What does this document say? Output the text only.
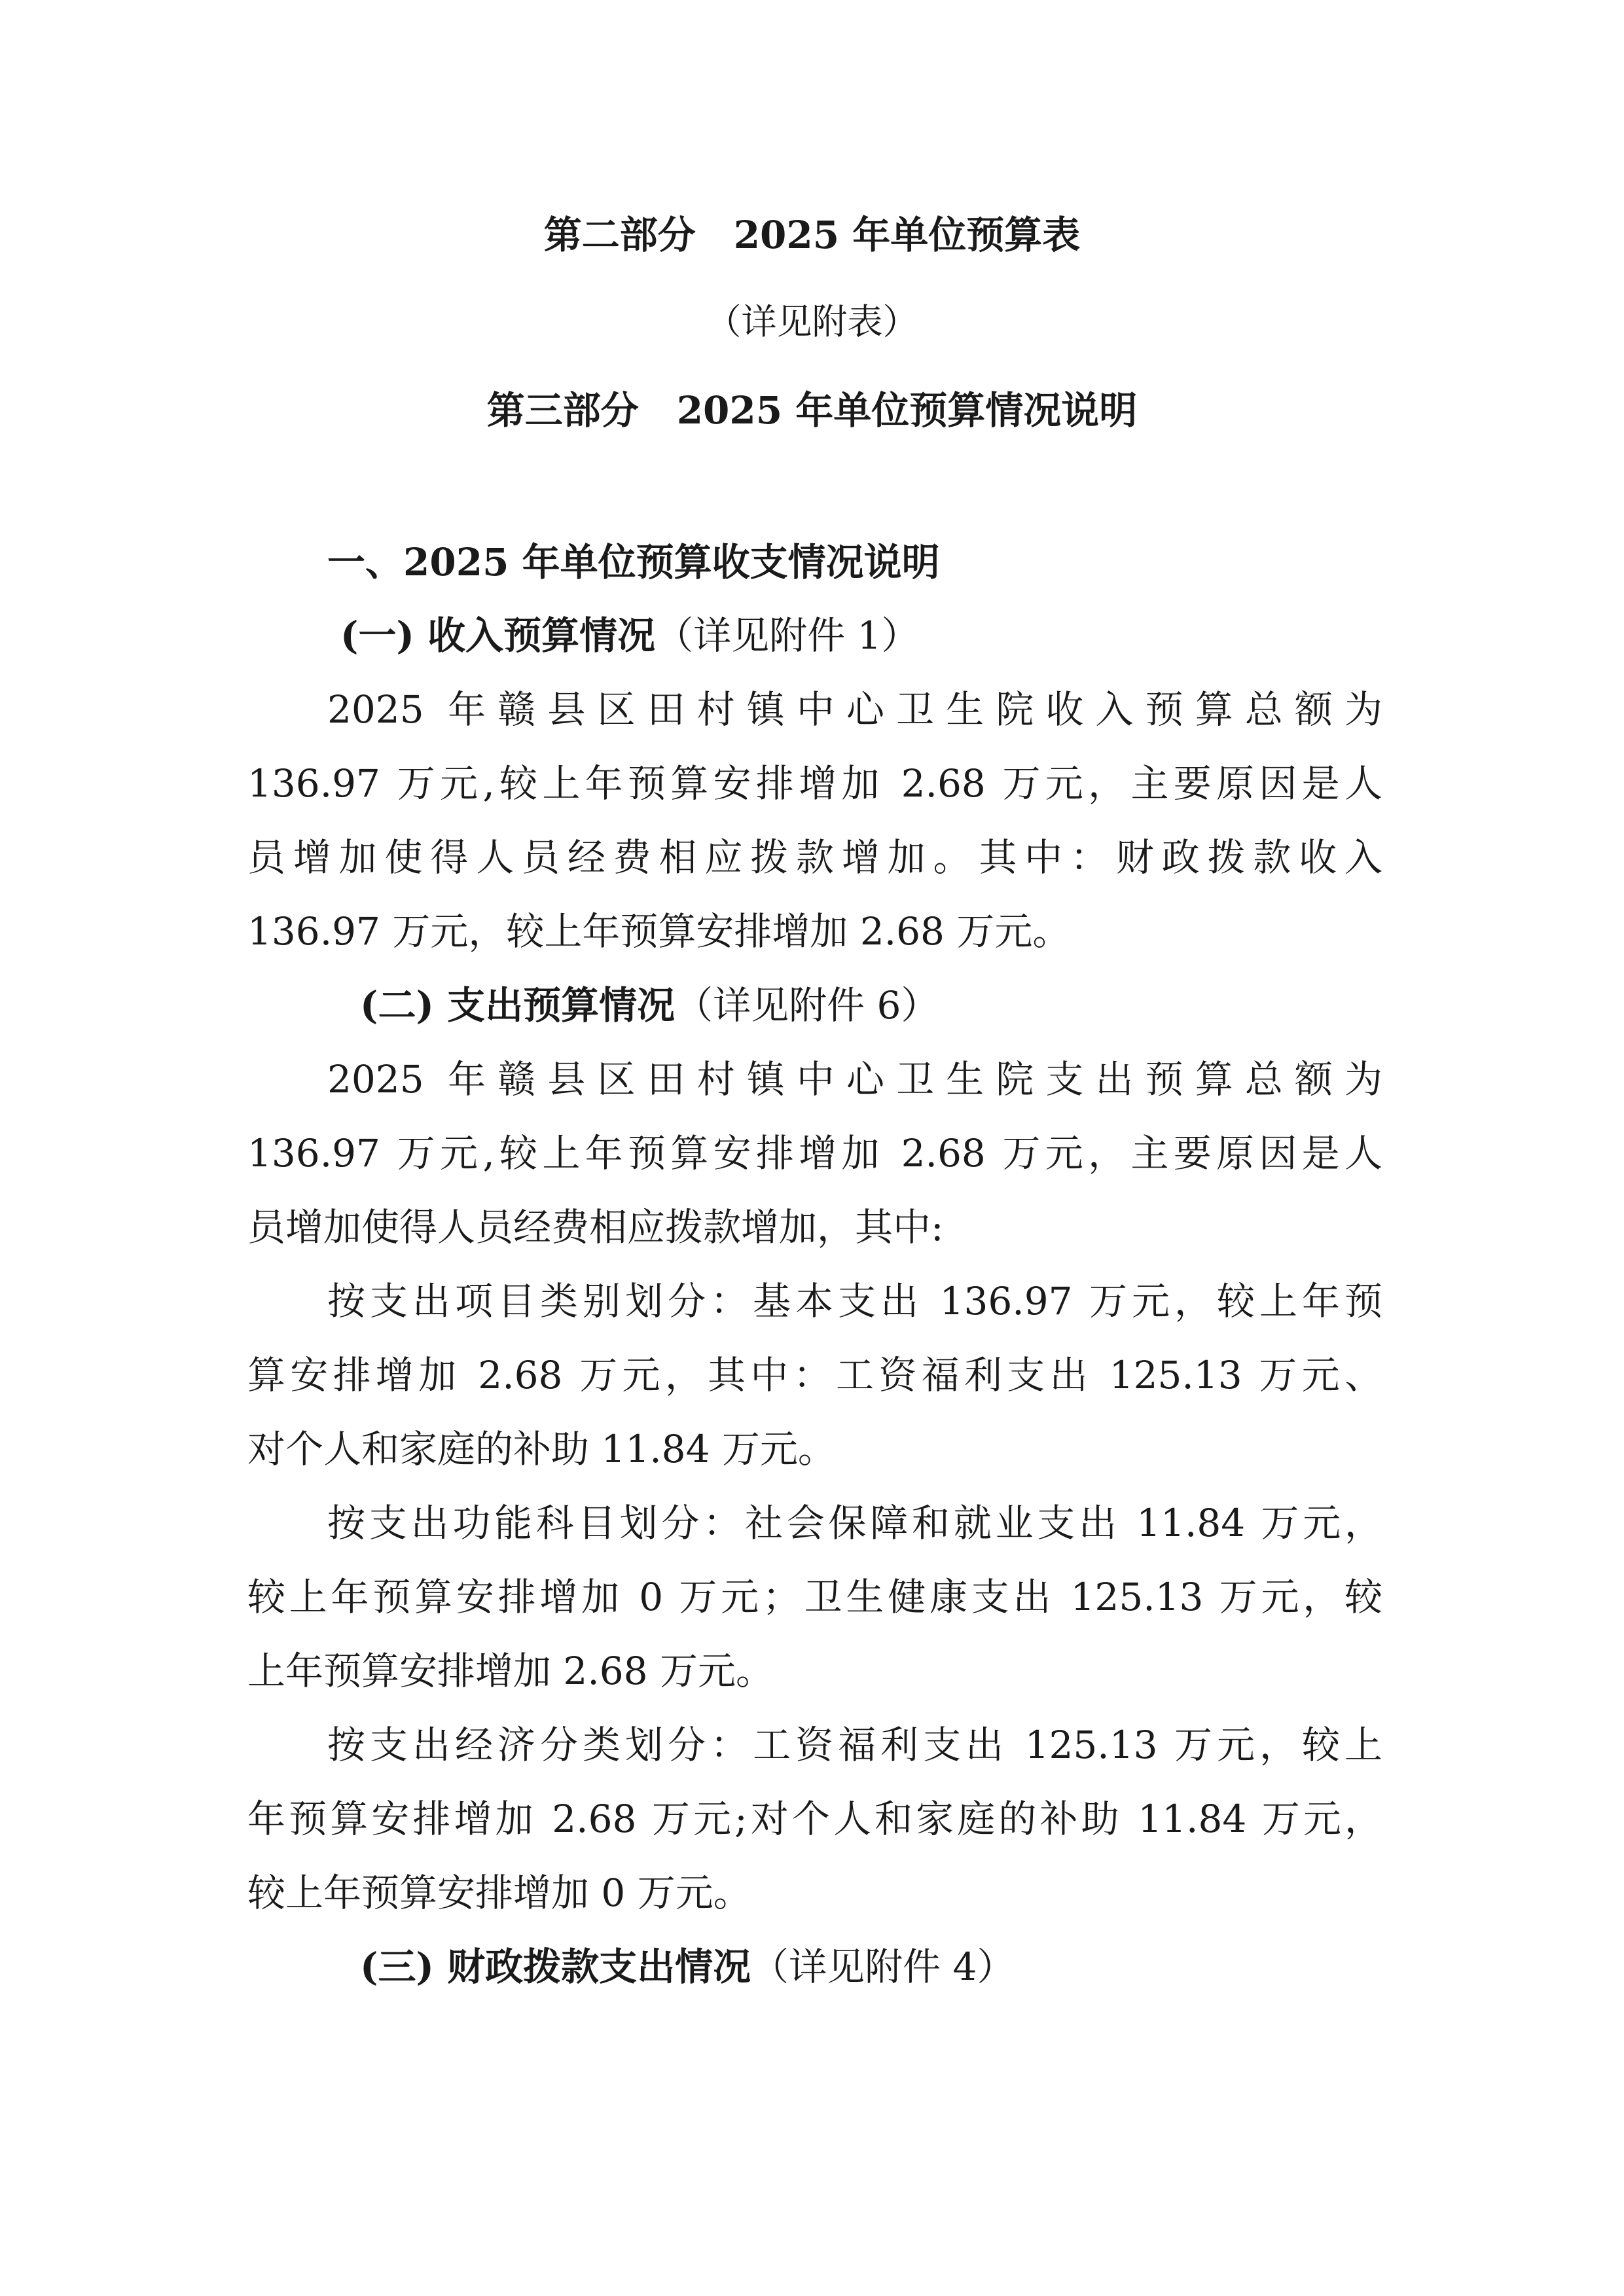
第二部分　2025 年单位预算表
（详见附表）
第三部分　2025 年单位预算情况说明
一、2025 年单位预算收支情况说明
(一) 收入预算情况（详见附件 1）
2025 年赣县区田村镇中心卫生院收入预算总额为
136.97 万元,较上年预算安排增加 2.68 万元，主要原因是人
员增加使得人员经费相应拨款增加。其中：财政拨款收入
136.97 万元，较上年预算安排增加 2.68 万元。
(二) 支出预算情况（详见附件 6）
2025 年赣县区田村镇中心卫生院支出预算总额为
136.97 万元,较上年预算安排增加 2.68 万元，主要原因是人
员增加使得人员经费相应拨款增加，其中:
按支出项目类别划分：基本支出 136.97 万元，较上年预
算安排增加 2.68 万元，其中：工资福利支出 125.13 万元、
对个人和家庭的补助 11.84 万元。
按支出功能科目划分：社会保障和就业支出 11.84 万元，
较上年预算安排增加 0 万元；卫生健康支出 125.13 万元，较
上年预算安排增加 2.68 万元。
按支出经济分类划分：工资福利支出 125.13 万元，较上
年预算安排增加 2.68 万元;对个人和家庭的补助 11.84 万元，
较上年预算安排增加 0 万元。
(三) 财政拨款支出情况（详见附件 4）
